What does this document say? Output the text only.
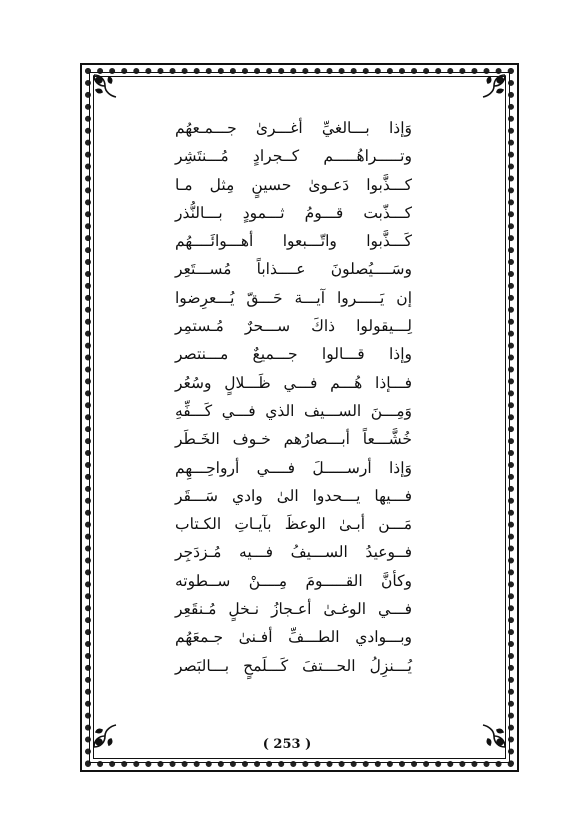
وَإذا بـــالغيِّ أغـــرىٰ جـــمـعهُم
وتـــــراهُـــــم كــجرادٍ مُـــنتَشِر
كـــذَّبوا دَعـوىٰ حسينٍ مِثل مـا
كـــذّبت قـــومُ ثـــمودٍ بـــالنُّذر
كَـــذَّبوا واتّـــبعوا أهـــوائَــــهُم
وسَــــيُصلونَ عــــذاباً مُســـتَعِر
إن يَـــــروا آيـــة حَـــقّ يُـــعرِضوا
لِـــيقولوا ذاكَ ســـحرٌ مُـستمِر
وإذا قـــالوا جـــميعٌ مـــنتصر
فـــإذا هُـــم فـــي ظَـــلالٍ وسُعُر
وَمِـــنَ الســـيف الذي فـــي كَـــفِّهِ
خُشَّـــعاً أبـــصارُهم خـوف الخَـطَر
وَإذا أرســـــلَ فــــي أرواحِـــهِم
فـــيها يـــحدوا الىٰ وادي سَـــقَر
مَـــن أبـىٰ الوعظَ بآيـاتِ الكـتاب
فــوعيدُ الســـيفُ فـــيه مُـزدَجِر
وكأنَّ القـــــومَ مِــــنْ ســطوته
فـــي الوغـىٰ أعـجازُ نـخلٍ مُـنقَعِر
وبـــوادي الطـــفِّ أفـنىٰ جـمعَهُم
يُـــنزِلُ الحـــتفَ كَـــلَمحٍ بـــالبَصر
( 253 )
